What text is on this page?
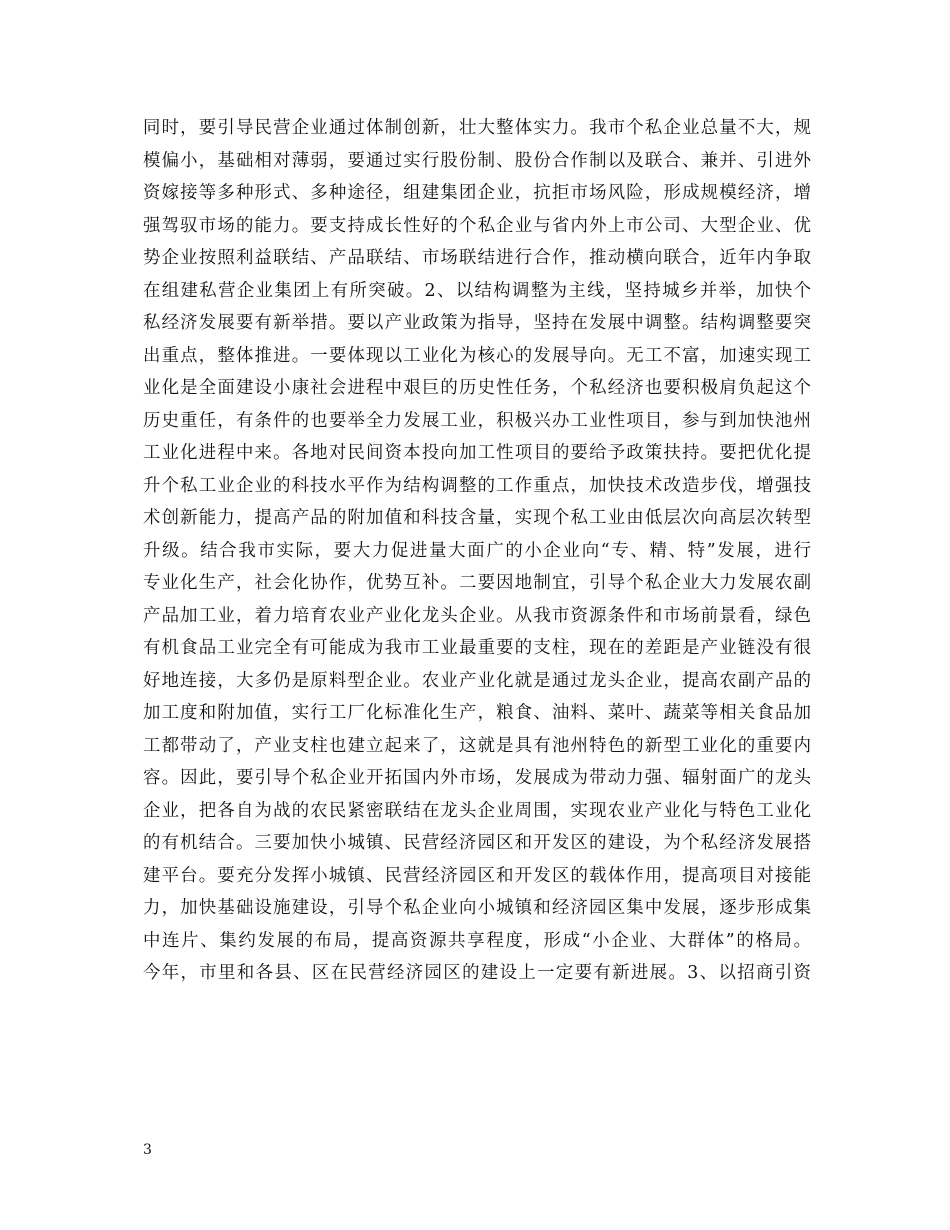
同时，要引导民营企业通过体制创新，壮大整体实力。我市个私企业总量不大，规
模偏小，基础相对薄弱，要通过实行股份制、股份合作制以及联合、兼并、引进外
资嫁接等多种形式、多种途径，组建集团企业，抗拒市场风险，形成规模经济，增
强驾驭市场的能力。要支持成长性好的个私企业与省内外上市公司、大型企业、优
势企业按照利益联结、产品联结、市场联结进行合作，推动横向联合，近年内争取
在组建私营企业集团上有所突破。2、以结构调整为主线，坚持城乡并举，加快个
私经济发展要有新举措。要以产业政策为指导，坚持在发展中调整。结构调整要突
出重点，整体推进。一要体现以工业化为核心的发展导向。无工不富，加速实现工
业化是全面建设小康社会进程中艰巨的历史性任务，个私经济也要积极肩负起这个
历史重任，有条件的也要举全力发展工业，积极兴办工业性项目，参与到加快池州
工业化进程中来。各地对民间资本投向加工性项目的要给予政策扶持。要把优化提
升个私工业企业的科技水平作为结构调整的工作重点，加快技术改造步伐，增强技
术创新能力，提高产品的附加值和科技含量，实现个私工业由低层次向高层次转型
升级。结合我市实际，要大力促进量大面广的小企业向“专、精、特”发展，进行
专业化生产，社会化协作，优势互补。二要因地制宜，引导个私企业大力发展农副
产品加工业，着力培育农业产业化龙头企业。从我市资源条件和市场前景看，绿色
有机食品工业完全有可能成为我市工业最重要的支柱，现在的差距是产业链没有很
好地连接，大多仍是原料型企业。农业产业化就是通过龙头企业，提高农副产品的
加工度和附加值，实行工厂化标准化生产，粮食、油料、菜叶、蔬菜等相关食品加
工都带动了，产业支柱也建立起来了，这就是具有池州特色的新型工业化的重要内
容。因此，要引导个私企业开拓国内外市场，发展成为带动力强、辐射面广的龙头
企业，把各自为战的农民紧密联结在龙头企业周围，实现农业产业化与特色工业化
的有机结合。三要加快小城镇、民营经济园区和开发区的建设，为个私经济发展搭
建平台。要充分发挥小城镇、民营经济园区和开发区的载体作用，提高项目对接能
力，加快基础设施建设，引导个私企业向小城镇和经济园区集中发展，逐步形成集
中连片、集约发展的布局，提高资源共享程度，形成“小企业、大群体”的格局。
今年，市里和各县、区在民营经济园区的建设上一定要有新进展。3、以招商引资
3
